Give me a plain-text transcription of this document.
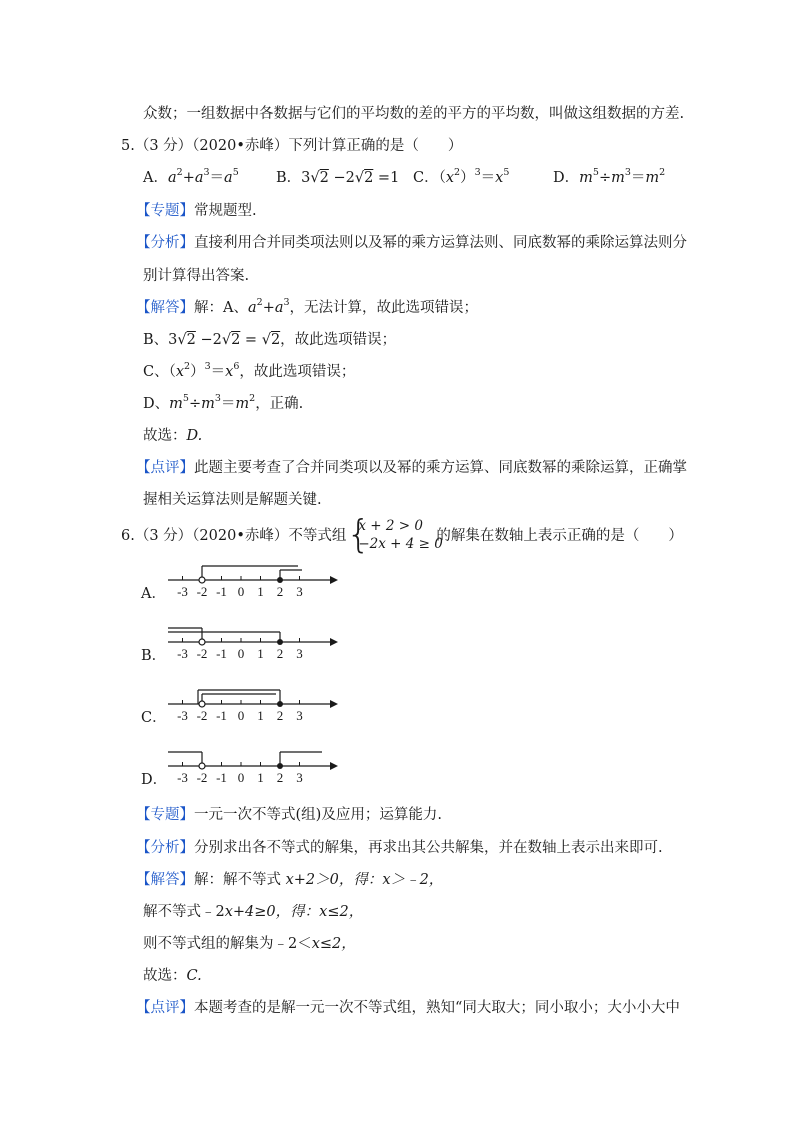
众数；一组数据中各数据与它们的平均数的差的平方的平均数，叫做这组数据的方差.
5.（3 分）（2020•赤峰）下列计算正确的是（　　）
A．$a^2+a^3=a^5$	B．3√2 −2√2 =1 C．$(x^2)^3=x^5$	D．$m^5\div m^3=m^2$
【专题】常规题型.
【分析】直接利用合并同类项法则以及幂的乘方运算法则、同底数幂的乘除运算法则分
别计算得出答案.
【解答】解：A、$a^2+a^3$，无法计算，故此选项错误；
B、3√2 −2√2 = √2，故此选项错误；
C、$(x^2)^3=x^6$，故此选项错误；
D、$m^5\div m^3=m^2$，正确.
故选：D.
【点评】此题主要考查了合并同类项以及幂的乘方运算、同底数幂的乘除运算，正确掌
握相关运算法则是解题关键.
6.（3 分）（2020•赤峰）不等式组 {
x + 2 > 0
−2x + 4 ≥ 0
的解集在数轴上表示正确的是（　　）
A． -3 -2 -1 0 1 2 3
B． -3 -2 -1 0 1 2 3
C． -3 -2 -1 0 1 2 3
D． -3 -2 -1 0 1 2 3
【专题】一元一次不等式(组)及应用；运算能力.
【分析】分别求出各不等式的解集，再求出其公共解集，并在数轴上表示出来即可.
【解答】解：解不等式 x+2＞0，得：x＞﹣2，
解不等式﹣2x+4≥0，得：x≤2，
则不等式组的解集为﹣2＜x≤2，
故选：C.
【点评】本题考查的是解一元一次不等式组，熟知“同大取大；同小取小；大小小大中
